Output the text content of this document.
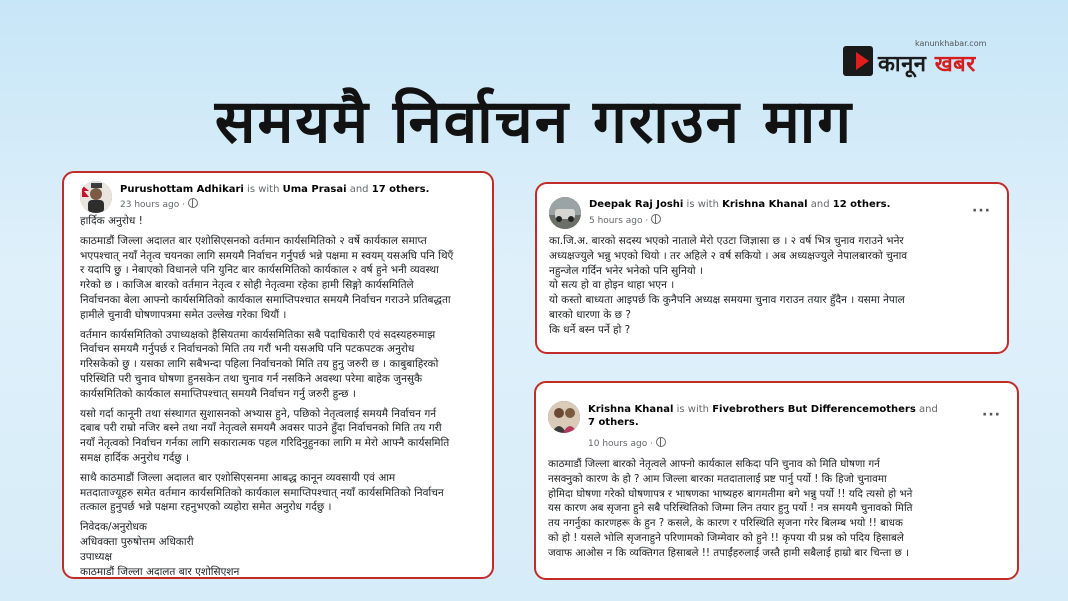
kanunkhabar.com
कानून खबर
समयमै निर्वाचन गराउन माग
Purushottam Adhikari is with Uma Prasai and 17 others.
23 hours ago ·

हार्दिक अनुरोध !

काठमाडौं जिल्ला अदालत बार एशोसिएसनको वर्तमान कार्यसमितिको २ वर्षे कार्यकाल समाप्त
भएपश्चात् नयाँ नेतृत्व चयनका लागि समयमै निर्वाचन गर्नुपर्छ भन्ने पक्षमा म स्वयम् यसअघि पनि थिएँ
र यदापि छु । नेबाएको विधानले पनि युनिट बार कार्यसमितिको कार्यकाल २ वर्ष हुने भनी व्यवस्था
गरेको छ । काजिअ बारको वर्तमान नेतृत्व र सोही नेतृत्वमा रहेका हामी सिङ्गो कार्यसमितिले
निर्वाचनका बेला आफ्नो कार्यसमितिको कार्यकाल समाप्तिपश्चात समयमै निर्वाचन गराउने प्रतिबद्धता
हामीले चुनावी घोषणापत्रमा समेत उल्लेख गरेका थियौं ।

वर्तमान कार्यसमितिको उपाध्यक्षको हैसियतमा कार्यसमितिका सबै पदाधिकारी एवं सदस्यहरुमाझ
निर्वाचन समयमै गर्नुपर्छ र निर्वाचनको मिति तय गरौं भनी यसअघि पनि पटकपटक अनुरोध
गरिसकेको छु । यसका लागि सबैभन्दा पहिला निर्वाचनको मिति तय हुनु जरुरी छ । काबुबाहिरको
परिस्थिति परी चुनाव घोषणा हुनसकेन तथा चुनाव गर्न नसकिने अवस्था परेमा बाहेक जुनसुकै
कार्यसमितिको कार्यकाल समाप्तिपश्चात् समयमै निर्वाचन गर्नु जरुरी हुन्छ ।

यसो गर्दा कानूनी तथा संस्थागत सुशासनको अभ्यास हुने, पछिको नेतृत्वलाई समयमै निर्वाचन गर्न
दबाब परी राम्रो नजिर बस्ने तथा नयाँ नेतृत्वले समयमै अवसर पाउने हुँदा निर्वाचनको मिति तय गरी
नयाँ नेतृत्वको निर्वाचन गर्नका लागि सकारात्मक पहल गरिदिनुहुनका लागि म मेरो आफ्नै कार्यसमिति
समक्ष हार्दिक अनुरोध गर्दछु ।

साथै काठमाडौं जिल्ला अदालत बार एशोसिएसनमा आबद्ध कानून व्यवसायी एवं आम
मतदाताज्यूहरु समेत वर्तमान कार्यसमितिको कार्यकाल समाप्तिपश्चात् नयाँ कार्यसमितिको निर्वाचन
तत्काल हुनुपर्छ भन्ने पक्षमा रहनुभएको व्यहोरा समेत अनुरोध गर्दछु ।

निवेदक/अनुरोधक
अधिवक्ता पुरुषोत्तम अधिकारी
उपाध्यक्ष
काठमाडौं जिल्ला अदालत बार एशोसिएशन

Deepak Raj Joshi is with Krishna Khanal and 12 others.
5 hours ago ·
···
का.जि.अ. बारको सदस्य भएको नाताले मेरो एउटा जिज्ञासा छ । २ वर्ष भित्र चुनाव गराउने भनेर
अध्यक्षज्युले भन्नु भएको थियो । तर अहिले २ वर्ष सकियो । अब अध्यक्षज्युले नेपालबारको चुनाव
नहुन्जेल गर्दिन भनेर भनेको पनि सुनियो ।
यो सत्य हो वा होइन थाहा भएन ।
यो कस्तो बाध्यता आइपर्छ कि कुनैपनि अध्यक्ष समयमा चुनाव गराउन तयार हुँदैन । यसमा नेपाल
बारको धारणा के छ ?
कि धर्ने बस्न पर्ने हो ?
Krishna Khanal is with Fivebrothers But Differencemothers and 7 others.
10 hours ago ·
···
काठमाडौं जिल्ला बारको नेतृत्वले आफ्नो कार्यकाल सकिदा पनि चुनाव को मिति घोषणा गर्न
नसक्नुको कारण के हो ? आम जिल्ला बारका मतदातालाई प्रष्ट पार्नु पर्यो ! कि हिजो चुनावमा
होमिदा घोषणा गरेको घोषणापत्र र भाषणका भाष्यहरु बागमतीमा बगे भन्नु पर्यो !! यदि त्यसो हो भने
यस कारण अब सृजना हुने सबै परिस्थितिको जिम्मा लिन तयार हुनु पर्यो ! नत्र समयमै चुनावको मिति
तय नगर्नुका कारणहरू के हुन ? कसले, के कारण र परिस्थिति सृजना गरेर बिलम्ब भयो !! बाधक
को हो ! यसले भोलि सृजनाहुने परिणामको जिम्मेवार को हुने !! कृपया यी प्रश्न को पदिय हिसाबले
जवाफ आओस न कि व्यक्तिगत हिसाबले !! तपाईंहरुलाई जस्तै हामी सबैलाई हाम्रो बार चिन्ता छ ।
